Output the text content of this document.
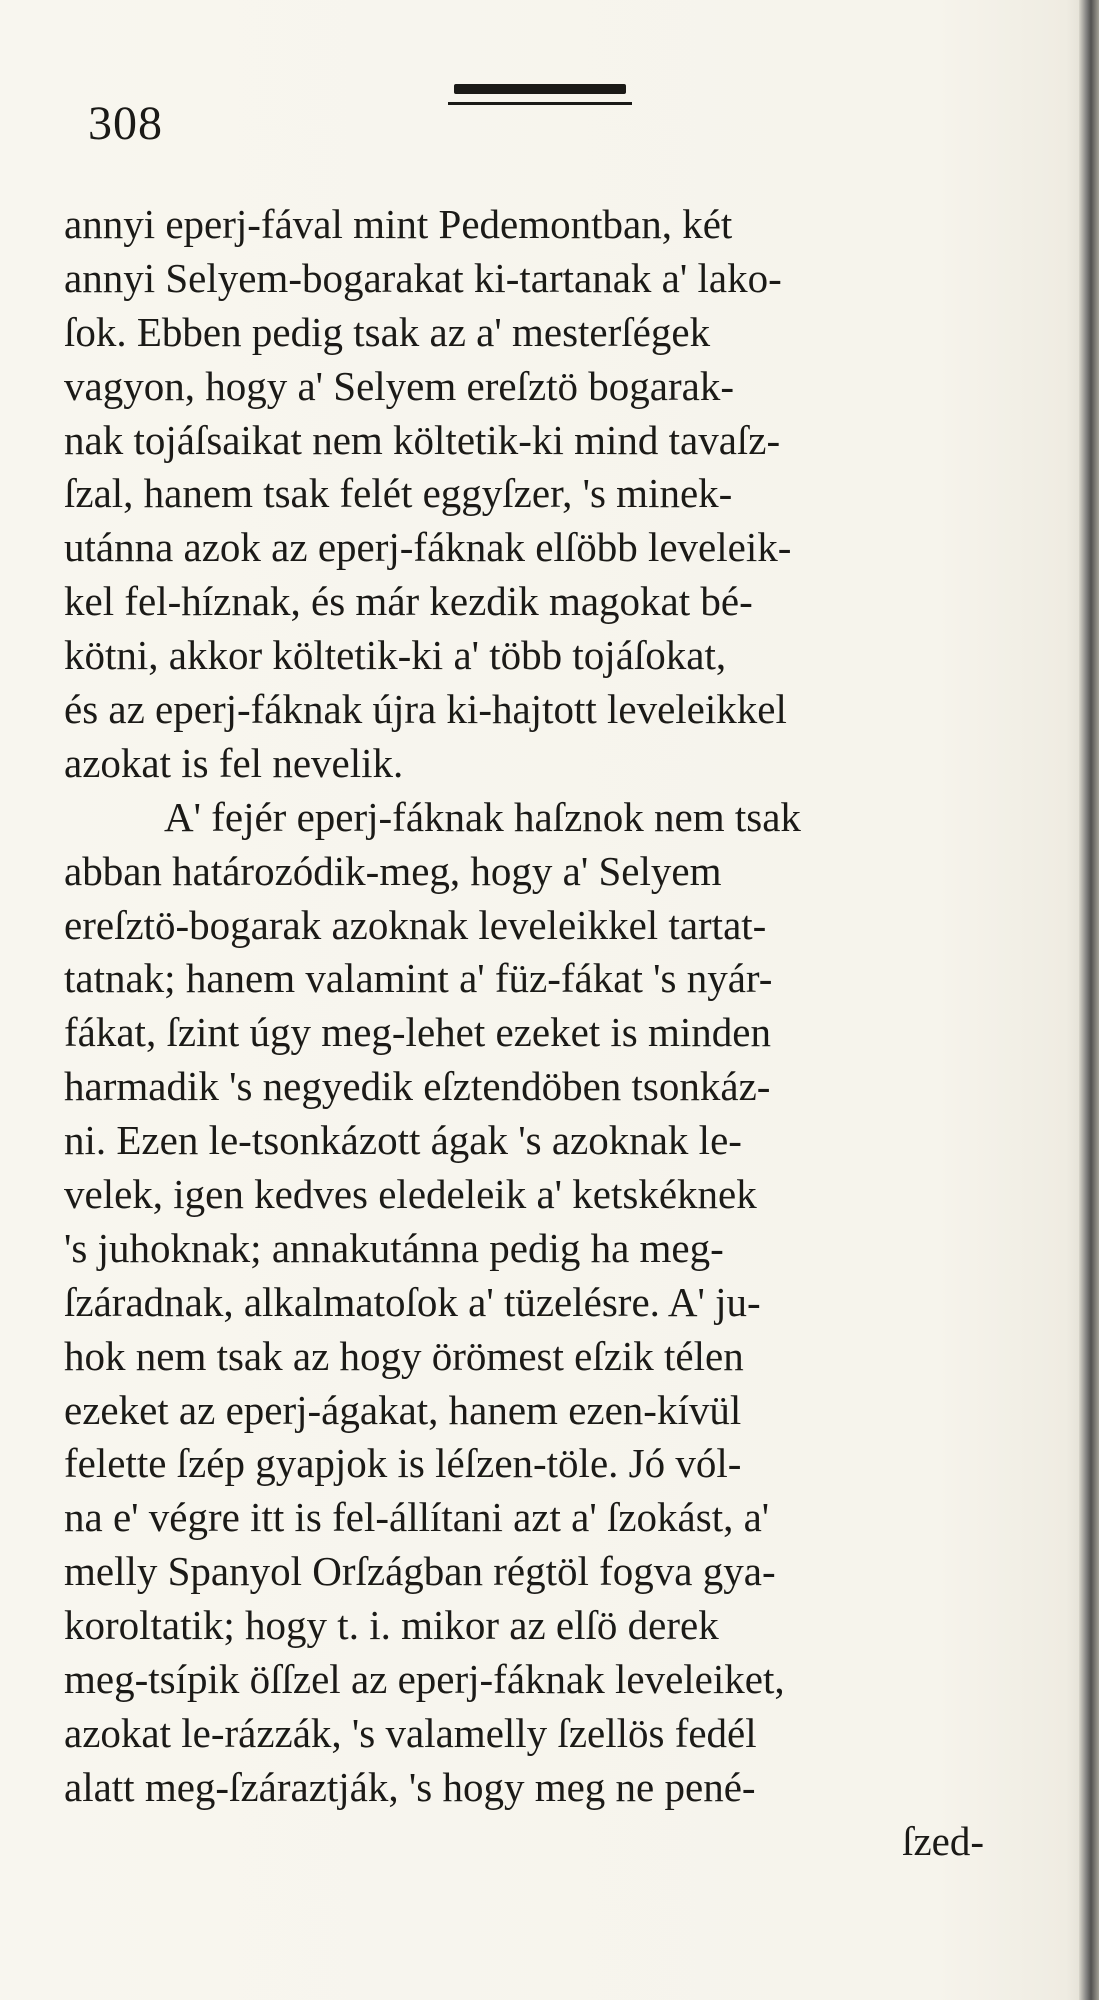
308
annyi eperj-fával mint Pedemontban, két
annyi Selyem-bogarakat ki-tartanak a' lako-
ſok. Ebben pedig tsak az a' mesterſégek
vagyon, hogy a' Selyem ereſztö bogarak-
nak tojáſsaikat nem költetik-ki mind tavaſz-
ſzal, hanem tsak felét eggyſzer, 's minek-
utánna azok az eperj-fáknak elſöbb leveleik-
kel fel-híznak, és már kezdik magokat bé-
kötni, akkor költetik-ki a' több tojáſokat,
és az eperj-fáknak újra ki-hajtott leveleikkel
azokat is fel nevelik.
A' fejér eperj-fáknak haſznok nem tsak
abban határozódik-meg, hogy a' Selyem
ereſztö-bogarak azoknak leveleikkel tartat-
tatnak; hanem valamint a' füz-fákat 's nyár-
fákat, ſzint úgy meg-lehet ezeket is minden
harmadik 's negyedik eſztendöben tsonkáz-
ni. Ezen le-tsonkázott ágak 's azoknak le-
velek, igen kedves eledeleik a' ketskéknek
's juhoknak; annakutánna pedig ha meg-
ſzáradnak, alkalmatoſok a' tüzelésre. A' ju-
hok nem tsak az hogy örömest eſzik télen
ezeket az eperj-ágakat, hanem ezen-kívül
felette ſzép gyapjok is léſzen-töle. Jó vól-
na e' végre itt is fel-állítani azt a' ſzokást, a'
melly Spanyol Orſzágban régtöl fogva gya-
koroltatik; hogy t. i. mikor az elſö derek
meg-tsípik öſſzel az eperj-fáknak leveleiket,
azokat le-rázzák, 's valamelly ſzellös fedél
alatt meg-ſzáraztják, 's hogy meg ne pené-
ſzed-
